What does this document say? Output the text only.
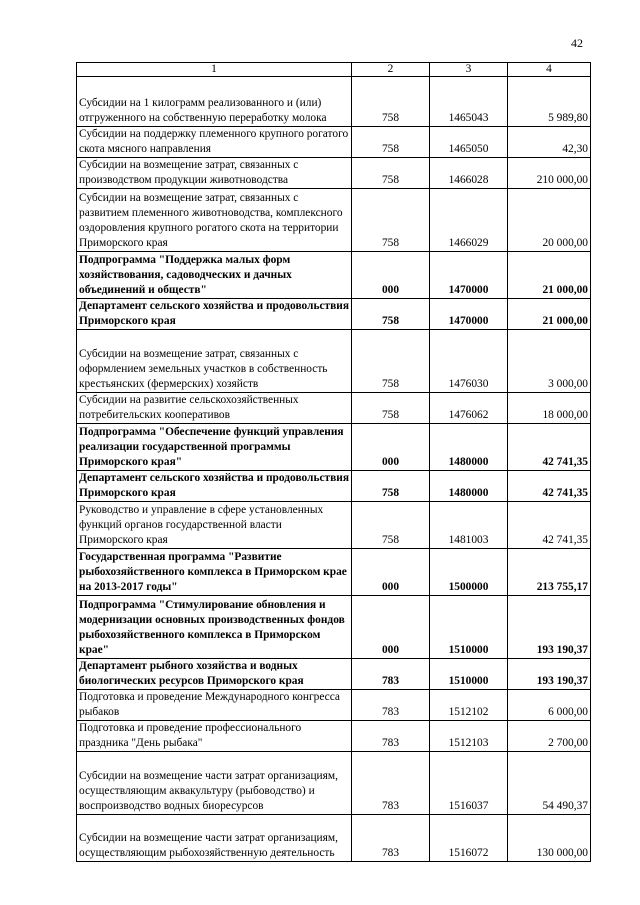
42
1	2	3	4
Субсидии на 1 килограмм реализованного и (или) отгруженного на собственную переработку молока	758	1465043	5 989,80
Субсидии на поддержку племенного крупного рогатого скота мясного направления	758	1465050	42,30
Субсидии на возмещение затрат, связанных с производством продукции животноводства	758	1466028	210 000,00
Субсидии на возмещение затрат, связанных с развитием племенного животноводства, комплексного оздоровления крупного рогатого скота на территории Приморского края	758	1466029	20 000,00
Подпрограмма "Поддержка малых форм хозяйствования, садоводческих и дачных объединений и обществ"	000	1470000	21 000,00
Департамент сельского хозяйства и продовольствия Приморского края	758	1470000	21 000,00
Субсидии на возмещение затрат, связанных с оформлением земельных участков в собственность крестьянских (фермерских) хозяйств	758	1476030	3 000,00
Субсидии на развитие сельскохозяйственных потребительских кооперативов	758	1476062	18 000,00
Подпрограмма "Обеспечение функций управления реализации государственной программы Приморского края"	000	1480000	42 741,35
Департамент сельского хозяйства и продовольствия Приморского края	758	1480000	42 741,35
Руководство и управление в сфере установленных функций органов государственной власти Приморского края	758	1481003	42 741,35
Государственная программа "Развитие рыбохозяйственного комплекса в Приморском крае на 2013-2017 годы"	000	1500000	213 755,17
Подпрограмма "Стимулирование обновления и модернизации основных производственных фондов рыбохозяйственного комплекса в Приморском крае"	000	1510000	193 190,37
Департамент рыбного хозяйства и водных биологических ресурсов Приморского края	783	1510000	193 190,37
Подготовка и проведение Международного конгресса рыбаков	783	1512102	6 000,00
Подготовка и проведение профессионального праздника "День рыбака"	783	1512103	2 700,00
Субсидии на возмещение части затрат организациям, осуществляющим аквакультуру (рыбоводство) и воспроизводство водных биоресурсов	783	1516037	54 490,37
Субсидии на возмещение части затрат организациям, осуществляющим рыбохозяйственную деятельность	783	1516072	130 000,00
